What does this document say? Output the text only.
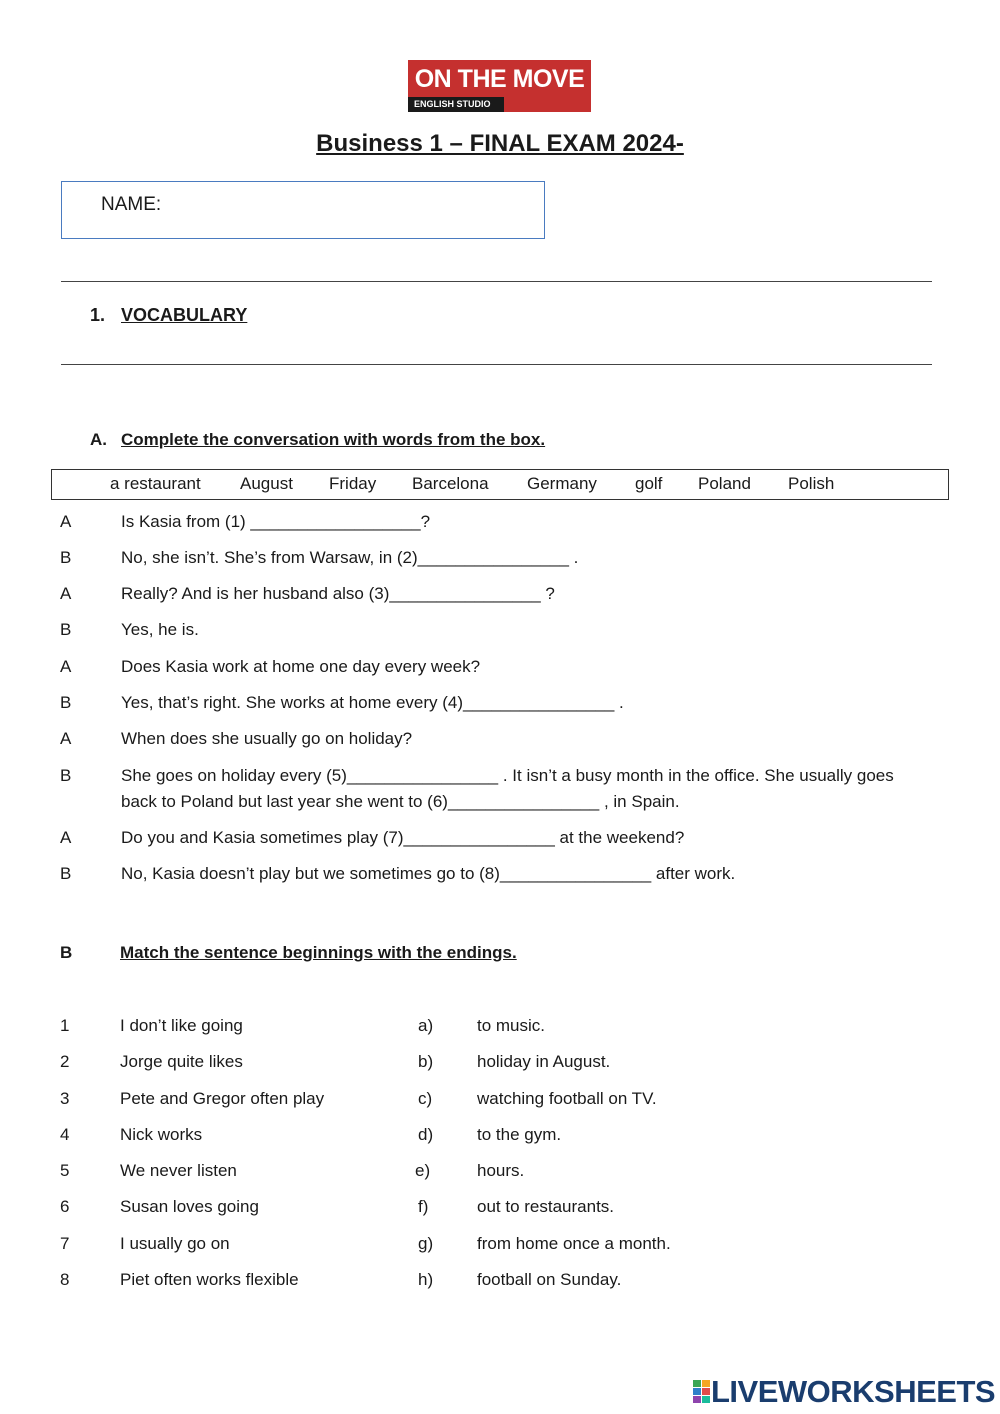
ON THE MOVE
ENGLISH STUDIO
Business 1 – FINAL EXAM 2024-
NAME:
1. VOCABULARY
A. Complete the conversation with words from the box.
a restaurant August Friday Barcelona Germany golf Poland Polish
A	Is Kasia from (1) __________________?
B	No, she isn’t. She’s from Warsaw, in (2)________________ .
A	Really? And is her husband also (3)________________ ?
B	Yes, he is.
A	Does Kasia work at home one day every week?
B	Yes, that’s right. She works at home every (4)________________ .
A	When does she usually go on holiday?
B	She goes on holiday every (5)________________ . It isn’t a busy month in the office. She usually goes
back to Poland but last year she went to (6)________________ , in Spain.
A	Do you and Kasia sometimes play (7)________________ at the weekend?
B	No, Kasia doesn’t play but we sometimes go to (8)________________ after work.
B	Match the sentence beginnings with the endings.
1	I don’t like going	a)	to music.
2	Jorge quite likes	b)	holiday in August.
3	Pete and Gregor often play	c)	watching football on TV.
4	Nick works	d)	to the gym.
5	We never listen	e)	hours.
6	Susan loves going	f)	out to restaurants.
7	I usually go on	g)	from home once a month.
8	Piet often works flexible	h)	football on Sunday.
LIVEWORKSHEETS
